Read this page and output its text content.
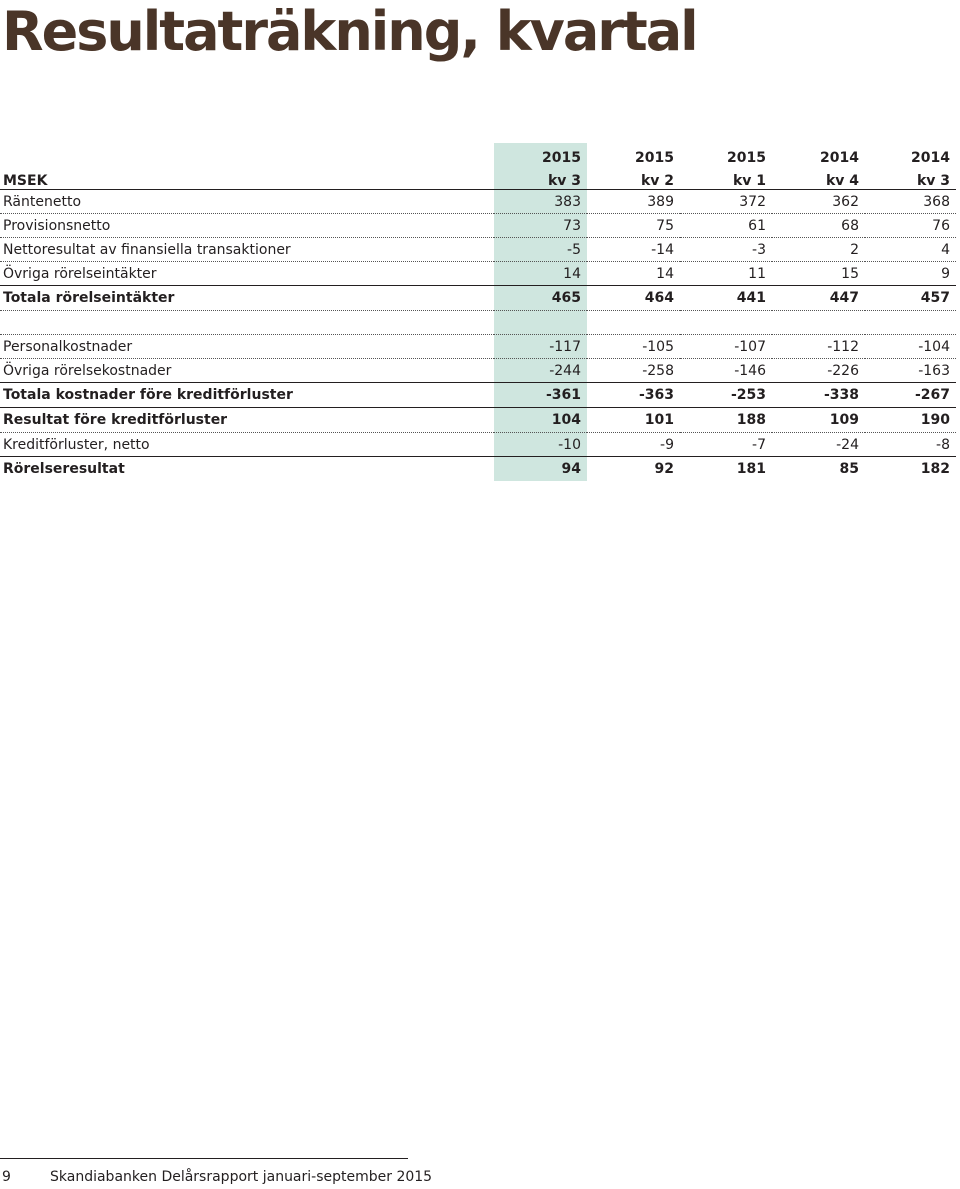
Resultaträkning, kvartal
	2015	2015	2015	2014	2014
MSEK	kv 3	kv 2	kv 1	kv 4	kv 3
Räntenetto	383	389	372	362	368
Provisionsnetto	73	75	61	68	76
Nettoresultat av finansiella transaktioner	-5	-14	-3	2	4
Övriga rörelseintäkter	14	14	11	15	9
Totala rörelseintäkter	465	464	441	447	457

Personalkostnader	-117	-105	-107	-112	-104
Övriga rörelsekostnader	-244	-258	-146	-226	-163
Totala kostnader före kreditförluster	-361	-363	-253	-338	-267
Resultat före kreditförluster	104	101	188	109	190
Kreditförluster, netto	-10	-9	-7	-24	-8
Rörelseresultat	94	92	181	85	182
9	Skandiabanken Delårsrapport januari-september 2015
